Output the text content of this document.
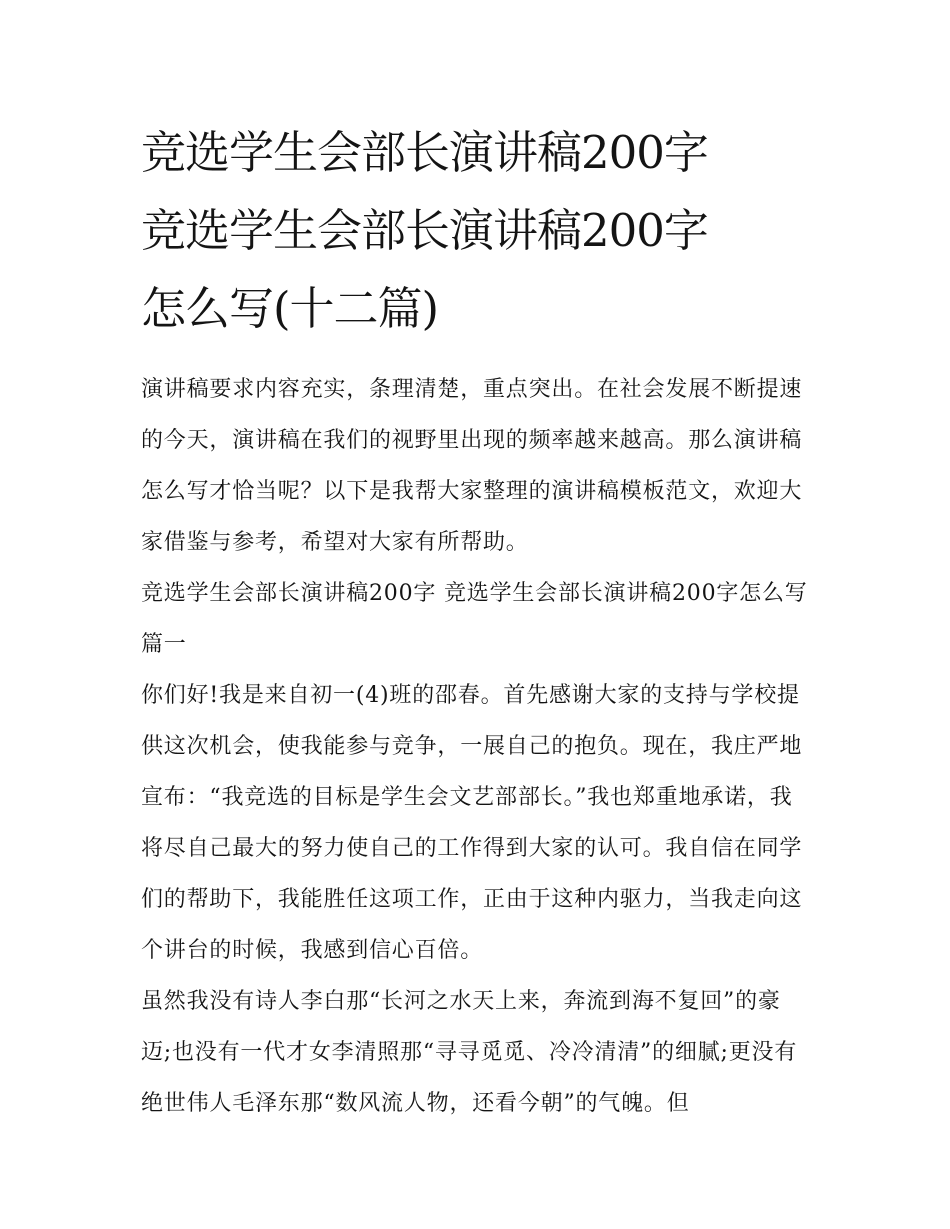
竞选学生会部长演讲稿200字
竞选学生会部长演讲稿200字
怎么写(十二篇)

演讲稿要求内容充实，条理清楚，重点突出。在社会发展不断提速的今天，演讲稿在我们的视野里出现的频率越来越高。那么演讲稿怎么写才恰当呢？以下是我帮大家整理的演讲稿模板范文，欢迎大家借鉴与参考，希望对大家有所帮助。

竞选学生会部长演讲稿200字 竞选学生会部长演讲稿200字怎么写篇一

你们好!我是来自初一(4)班的邵春。首先感谢大家的支持与学校提供这次机会，使我能参与竞争，一展自己的抱负。现在，我庄严地宣布：“我竞选的目标是学生会文艺部部长。”我也郑重地承诺，我将尽自己最大的努力使自己的工作得到大家的认可。我自信在同学们的帮助下，我能胜任这项工作，正由于这种内驱力，当我走向这个讲台的时候，我感到信心百倍。

虽然我没有诗人李白那“长河之水天上来，奔流到海不复回”的豪迈;也没有一代才女李清照那“寻寻觅觅、冷冷清清”的细腻;更没有绝世伟人毛泽东那“数风流人物，还看今朝”的气魄。但
